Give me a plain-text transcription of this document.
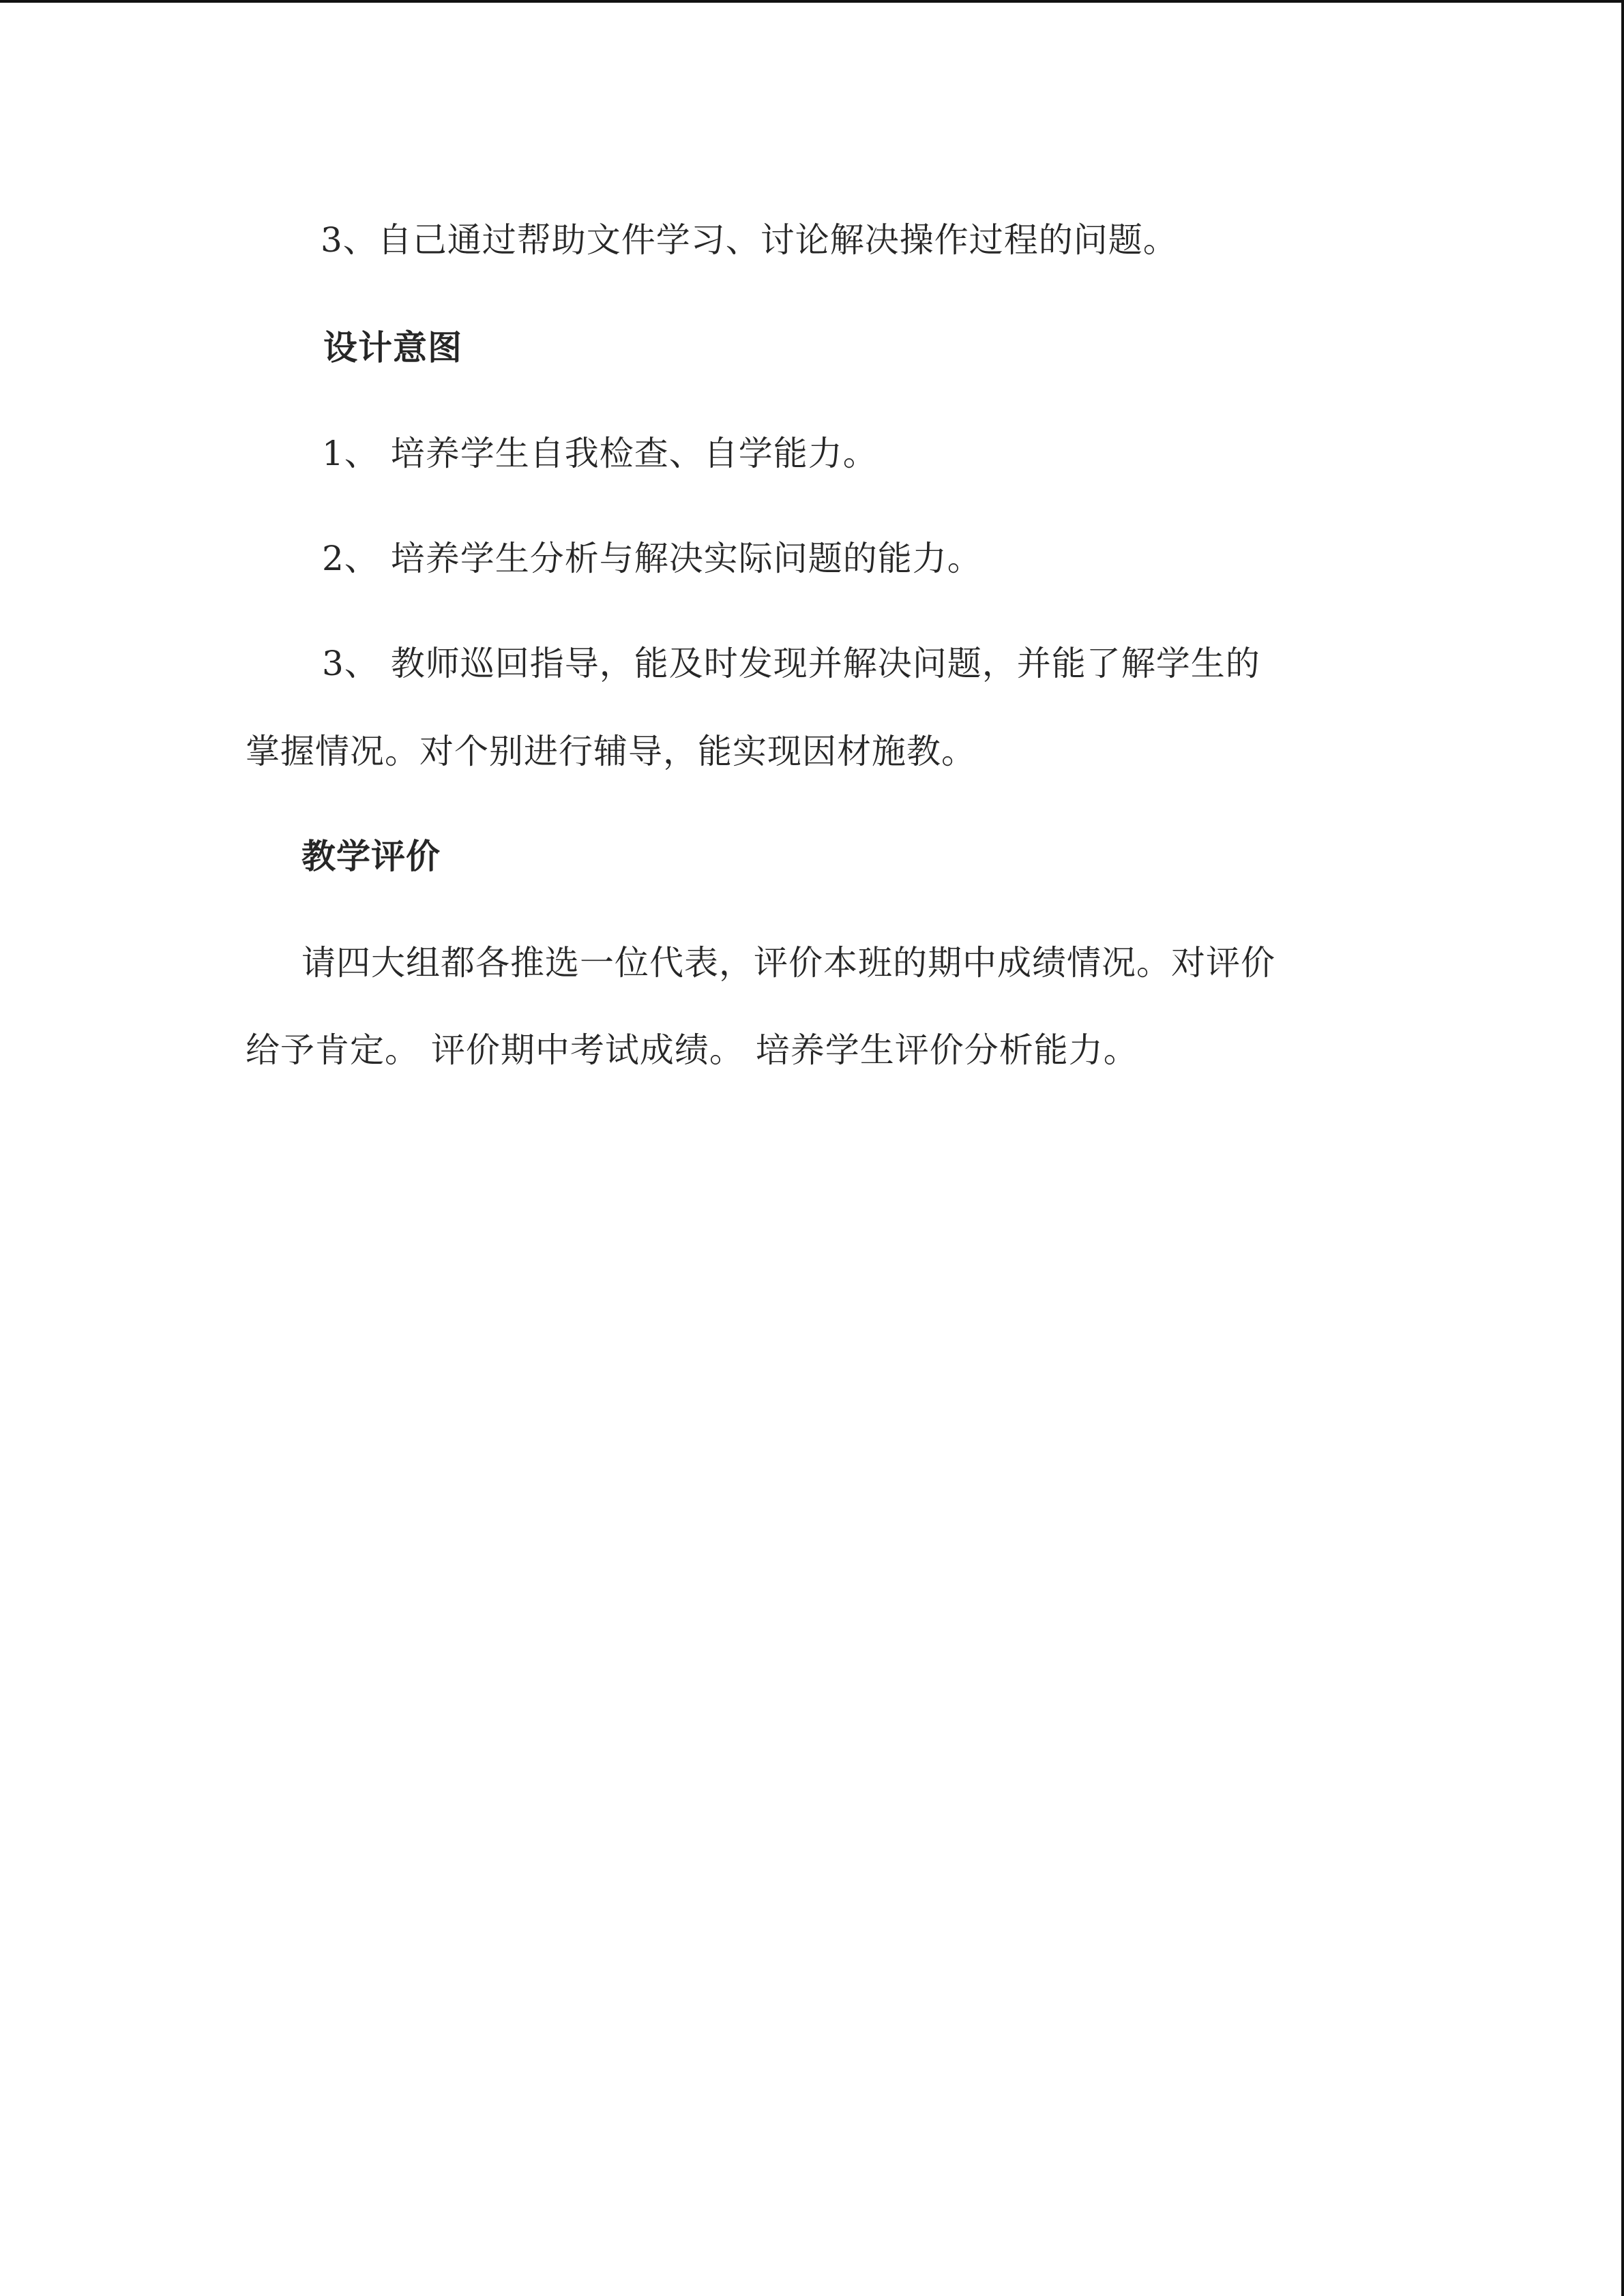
3、自己通过帮助文件学习、讨论解决操作过程的问题。
设计意图
1、 培养学生自我检查、自学能力。
2、 培养学生分析与解决实际问题的能力。
3、 教师巡回指导，能及时发现并解决问题，并能了解学生的
掌握情况。对个别进行辅导，能实现因材施教。
教学评价
请四大组都各推选一位代表，评价本班的期中成绩情况。对评价
给予肯定。 评价期中考试成绩。 培养学生评价分析能力。
